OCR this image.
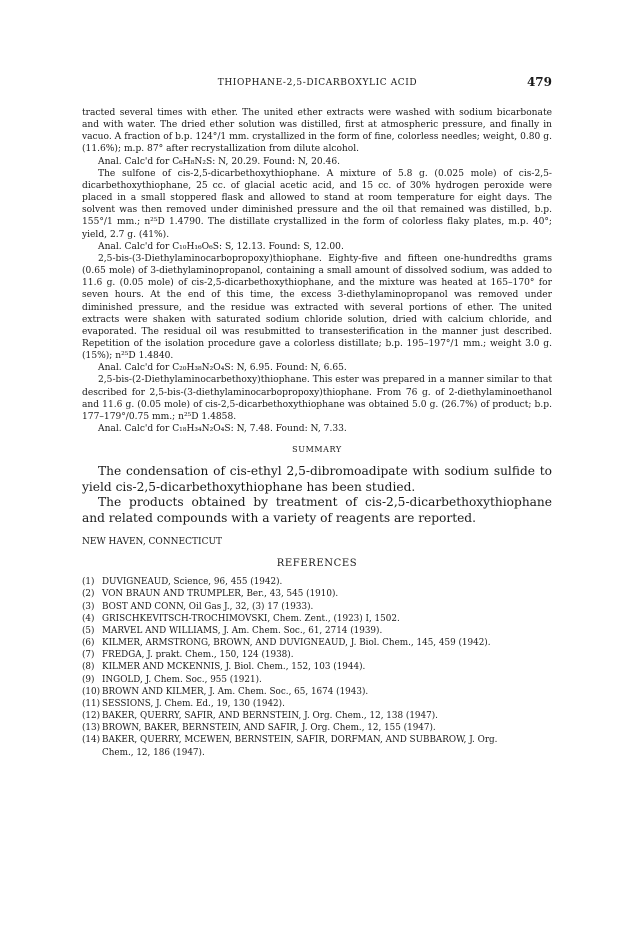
THIOPHANE-2,5-DICARBOXYLIC ACID	479

tracted several times with ether. The united ether extracts were washed with sodium bicarbonate and with water. The dried ether solution was distilled, first at atmospheric pressure, and finally in vacuo. A fraction of b.p. 124°/1 mm. crystallized in the form of fine, colorless needles; weight, 0.80 g. (11.6%); m.p. 87° after recrystallization from dilute alcohol.

Anal. Calc'd for C₆H₈N₂S: N, 20.29. Found: N, 20.46.

The sulfone of cis-2,5-dicarbethoxythiophane. A mixture of 5.8 g. (0.025 mole) of cis-2,5-dicarbethoxythiophane, 25 cc. of glacial acetic acid, and 15 cc. of 30% hydrogen peroxide were placed in a small stoppered flask and allowed to stand at room temperature for eight days. The solvent was then removed under diminished pressure and the oil that remained was distilled, b.p. 155°/1 mm.; n²⁵D 1.4790. The distillate crystallized in the form of colorless flaky plates, m.p. 40°; yield, 2.7 g. (41%).

Anal. Calc'd for C₁₀H₁₆O₆S: S, 12.13. Found: S, 12.00.

2,5-bis-(3-Diethylaminocarbopropoxy)thiophane. Eighty-five and fifteen one-hundredths grams (0.65 mole) of 3-diethylaminopropanol, containing a small amount of dissolved sodium, was added to 11.6 g. (0.05 mole) of cis-2,5-dicarbethoxythiophane, and the mixture was heated at 165–170° for seven hours. At the end of this time, the excess 3-diethylaminopropanol was removed under diminished pressure, and the residue was extracted with several portions of ether. The united extracts were shaken with saturated sodium chloride solution, dried with calcium chloride, and evaporated. The residual oil was resubmitted to transesterification in the manner just described. Repetition of the isolation procedure gave a colorless distillate; b.p. 195–197°/1 mm.; weight 3.0 g. (15%); n²⁵D 1.4840.

Anal. Calc'd for C₂₀H₃₈N₂O₄S: N, 6.95. Found: N, 6.65.

2,5-bis-(2-Diethylaminocarbethoxy)thiophane. This ester was prepared in a manner similar to that described for 2,5-bis-(3-diethylaminocarbopropoxy)thiophane. From 76 g. of 2-diethylaminoethanol and 11.6 g. (0.05 mole) of cis-2,5-dicarbethoxythiophane was obtained 5.0 g. (26.7%) of product; b.p. 177–179°/0.75 mm.; n²⁵D 1.4858.

Anal. Calc'd for C₁₈H₃₄N₂O₄S: N, 7.48. Found: N, 7.33.

SUMMARY

The condensation of cis-ethyl 2,5-dibromoadipate with sodium sulfide to yield cis-2,5-dicarbethoxythiophane has been studied.

The products obtained by treatment of cis-2,5-dicarbethoxythiophane and related compounds with a variety of reagents are reported.

NEW HAVEN, CONNECTICUT

REFERENCES

(1) DUVIGNEAUD, Science, 96, 455 (1942).
(2) VON BRAUN AND TRUMPLER, Ber., 43, 545 (1910).
(3) BOST AND CONN, Oil Gas J., 32, (3) 17 (1933).
(4) GRISCHKEVITSCH-TROCHIMOVSKI, Chem. Zent., (1923) I, 1502.
(5) MARVEL AND WILLIAMS, J. Am. Chem. Soc., 61, 2714 (1939).
(6) KILMER, ARMSTRONG, BROWN, AND DUVIGNEAUD, J. Biol. Chem., 145, 459 (1942).
(7) FREDGA, J. prakt. Chem., 150, 124 (1938).
(8) KILMER AND MCKENNIS, J. Biol. Chem., 152, 103 (1944).
(9) INGOLD, J. Chem. Soc., 955 (1921).
(10) BROWN AND KILMER, J. Am. Chem. Soc., 65, 1674 (1943).
(11) SESSIONS, J. Chem. Ed., 19, 130 (1942).
(12) BAKER, QUERRY, SAFIR, AND BERNSTEIN, J. Org. Chem., 12, 138 (1947).
(13) BROWN, BAKER, BERNSTEIN, AND SAFIR, J. Org. Chem., 12, 155 (1947).
(14) BAKER, QUERRY, MCEWEN, BERNSTEIN, SAFIR, DORFMAN, AND SUBBAROW, J. Org.
Chem., 12, 186 (1947).
